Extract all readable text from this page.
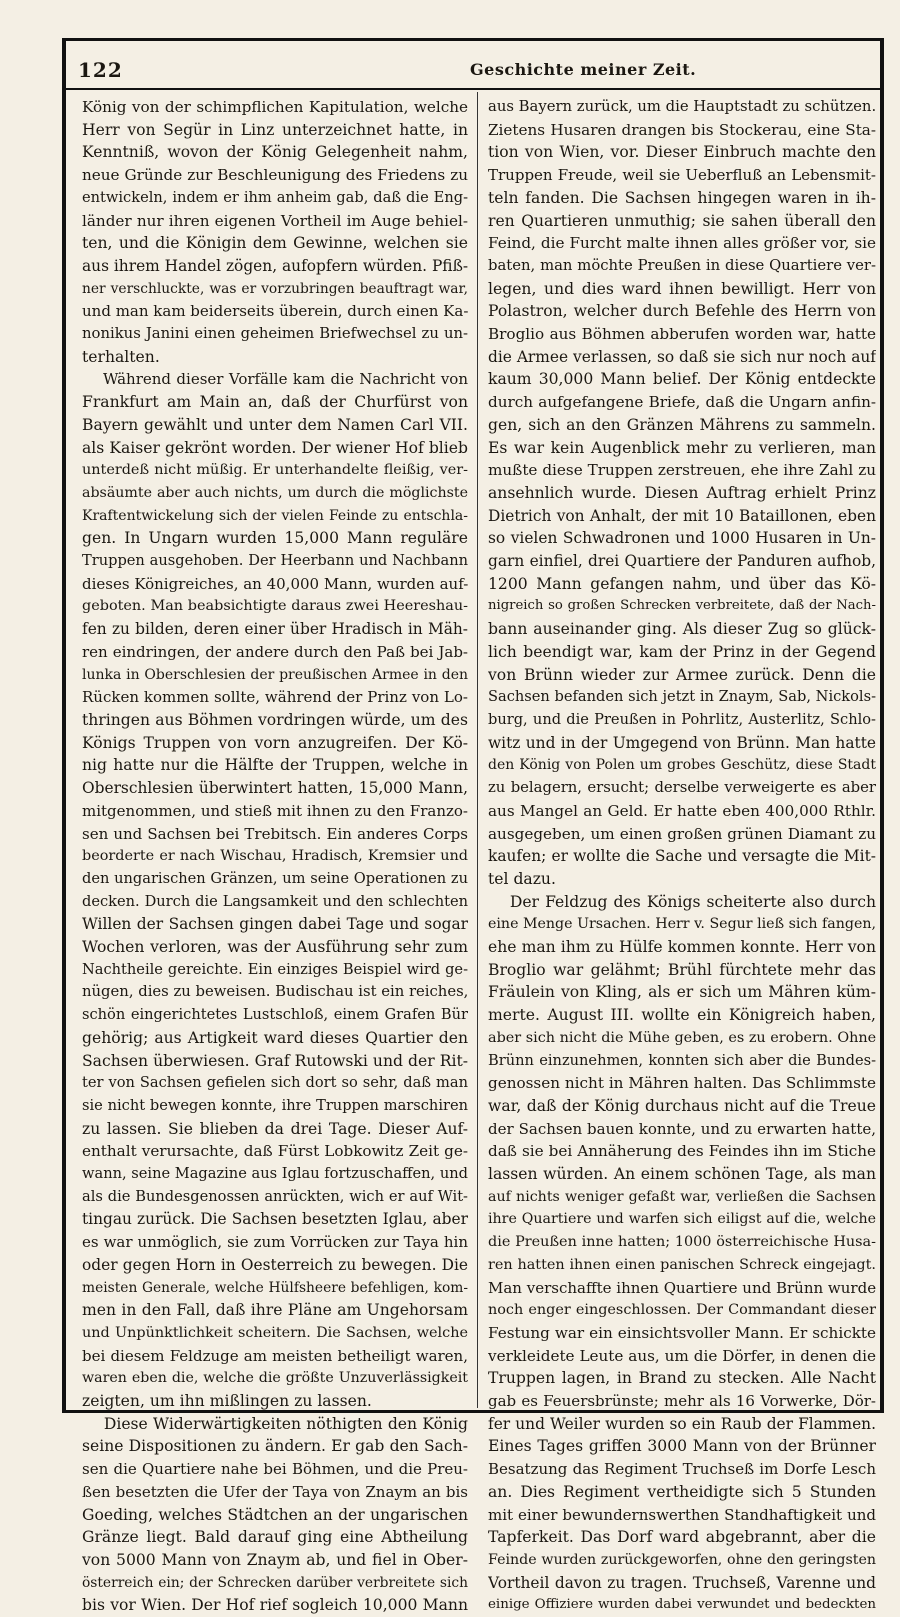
122	Geschichte meiner Zeit.
König von der schimpflichen Kapitulation, welche
Herr von Segür in Linz unterzeichnet hatte, in
Kenntniß, wovon der König Gelegenheit nahm,
neue Gründe zur Beschleunigung des Friedens zu
entwickeln, indem er ihm anheim gab, daß die Eng-
länder nur ihren eigenen Vortheil im Auge behiel-
ten, und die Königin dem Gewinne, welchen sie
aus ihrem Handel zögen, aufopfern würden. Pfiß-
ner verschluckte, was er vorzubringen beauftragt war,
und man kam beiderseits überein, durch einen Ka-
nonikus Janini einen geheimen Briefwechsel zu un-
terhalten.
Während dieser Vorfälle kam die Nachricht von
Frankfurt am Main an, daß der Churfürst von
Bayern gewählt und unter dem Namen Carl VII.
als Kaiser gekrönt worden. Der wiener Hof blieb
unterdeß nicht müßig. Er unterhandelte fleißig, ver-
absäumte aber auch nichts, um durch die möglichste
Kraftentwickelung sich der vielen Feinde zu entschla-
gen. In Ungarn wurden 15,000 Mann reguläre
Truppen ausgehoben. Der Heerbann und Nachbann
dieses Königreiches, an 40,000 Mann, wurden auf-
geboten. Man beabsichtigte daraus zwei Heereshau-
fen zu bilden, deren einer über Hradisch in Mäh-
ren eindringen, der andere durch den Paß bei Jab-
lunka in Oberschlesien der preußischen Armee in den
Rücken kommen sollte, während der Prinz von Lo-
thringen aus Böhmen vordringen würde, um des
Königs Truppen von vorn anzugreifen. Der Kö-
nig hatte nur die Hälfte der Truppen, welche in
Oberschlesien überwintert hatten, 15,000 Mann,
mitgenommen, und stieß mit ihnen zu den Franzo-
sen und Sachsen bei Trebitsch. Ein anderes Corps
beorderte er nach Wischau, Hradisch, Kremsier und
den ungarischen Gränzen, um seine Operationen zu
decken. Durch die Langsamkeit und den schlechten
Willen der Sachsen gingen dabei Tage und sogar
Wochen verloren, was der Ausführung sehr zum
Nachtheile gereichte. Ein einziges Beispiel wird ge-
nügen, dies zu beweisen. Budischau ist ein reiches,
schön eingerichtetes Lustschloß, einem Grafen Bür
gehörig; aus Artigkeit ward dieses Quartier den
Sachsen überwiesen. Graf Rutowski und der Rit-
ter von Sachsen gefielen sich dort so sehr, daß man
sie nicht bewegen konnte, ihre Truppen marschiren
zu lassen. Sie blieben da drei Tage. Dieser Auf-
enthalt verursachte, daß Fürst Lobkowitz Zeit ge-
wann, seine Magazine aus Iglau fortzuschaffen, und
als die Bundesgenossen anrückten, wich er auf Wit-
tingau zurück. Die Sachsen besetzten Iglau, aber
es war unmöglich, sie zum Vorrücken zur Taya hin
oder gegen Horn in Oesterreich zu bewegen. Die
meisten Generale, welche Hülfsheere befehligen, kom-
men in den Fall, daß ihre Pläne am Ungehorsam
und Unpünktlichkeit scheitern. Die Sachsen, welche
bei diesem Feldzuge am meisten betheiligt waren,
waren eben die, welche die größte Unzuverlässigkeit
zeigten, um ihn mißlingen zu lassen.
Diese Widerwärtigkeiten nöthigten den König
seine Dispositionen zu ändern. Er gab den Sach-
sen die Quartiere nahe bei Böhmen, und die Preu-
ßen besetzten die Ufer der Taya von Znaym an bis
Goeding, welches Städtchen an der ungarischen
Gränze liegt. Bald darauf ging eine Abtheilung
von 5000 Mann von Znaym ab, und fiel in Ober-
österreich ein; der Schrecken darüber verbreitete sich
bis vor Wien. Der Hof rief sogleich 10,000 Mann
aus Bayern zurück, um die Hauptstadt zu schützen.
Zietens Husaren drangen bis Stockerau, eine Sta-
tion von Wien, vor. Dieser Einbruch machte den
Truppen Freude, weil sie Ueberfluß an Lebensmit-
teln fanden. Die Sachsen hingegen waren in ih-
ren Quartieren unmuthig; sie sahen überall den
Feind, die Furcht malte ihnen alles größer vor, sie
baten, man möchte Preußen in diese Quartiere ver-
legen, und dies ward ihnen bewilligt. Herr von
Polastron, welcher durch Befehle des Herrn von
Broglio aus Böhmen abberufen worden war, hatte
die Armee verlassen, so daß sie sich nur noch auf
kaum 30,000 Mann belief. Der König entdeckte
durch aufgefangene Briefe, daß die Ungarn anfin-
gen, sich an den Gränzen Mährens zu sammeln.
Es war kein Augenblick mehr zu verlieren, man
mußte diese Truppen zerstreuen, ehe ihre Zahl zu
ansehnlich wurde. Diesen Auftrag erhielt Prinz
Dietrich von Anhalt, der mit 10 Bataillonen, eben
so vielen Schwadronen und 1000 Husaren in Un-
garn einfiel, drei Quartiere der Panduren aufhob,
1200 Mann gefangen nahm, und über das Kö-
nigreich so großen Schrecken verbreitete, daß der Nach-
bann auseinander ging. Als dieser Zug so glück-
lich beendigt war, kam der Prinz in der Gegend
von Brünn wieder zur Armee zurück. Denn die
Sachsen befanden sich jetzt in Znaym, Sab, Nickols-
burg, und die Preußen in Pohrlitz, Austerlitz, Schlo-
witz und in der Umgegend von Brünn. Man hatte
den König von Polen um grobes Geschütz, diese Stadt
zu belagern, ersucht; derselbe verweigerte es aber
aus Mangel an Geld. Er hatte eben 400,000 Rthlr.
ausgegeben, um einen großen grünen Diamant zu
kaufen; er wollte die Sache und versagte die Mit-
tel dazu.
Der Feldzug des Königs scheiterte also durch
eine Menge Ursachen. Herr v. Segur ließ sich fangen,
ehe man ihm zu Hülfe kommen konnte. Herr von
Broglio war gelähmt; Brühl fürchtete mehr das
Fräulein von Kling, als er sich um Mähren küm-
merte. August III. wollte ein Königreich haben,
aber sich nicht die Mühe geben, es zu erobern. Ohne
Brünn einzunehmen, konnten sich aber die Bundes-
genossen nicht in Mähren halten. Das Schlimmste
war, daß der König durchaus nicht auf die Treue
der Sachsen bauen konnte, und zu erwarten hatte,
daß sie bei Annäherung des Feindes ihn im Stiche
lassen würden. An einem schönen Tage, als man
auf nichts weniger gefaßt war, verließen die Sachsen
ihre Quartiere und warfen sich eiligst auf die, welche
die Preußen inne hatten; 1000 österreichische Husa-
ren hatten ihnen einen panischen Schreck eingejagt.
Man verschaffte ihnen Quartiere und Brünn wurde
noch enger eingeschlossen. Der Commandant dieser
Festung war ein einsichtsvoller Mann. Er schickte
verkleidete Leute aus, um die Dörfer, in denen die
Truppen lagen, in Brand zu stecken. Alle Nacht
gab es Feuersbrünste; mehr als 16 Vorwerke, Dör-
fer und Weiler wurden so ein Raub der Flammen.
Eines Tages griffen 3000 Mann von der Brünner
Besatzung das Regiment Truchseß im Dorfe Lesch
an. Dies Regiment vertheidigte sich 5 Stunden
mit einer bewundernswerthen Standhaftigkeit und
Tapferkeit. Das Dorf ward abgebrannt, aber die
Feinde wurden zurückgeworfen, ohne den geringsten
Vortheil davon zu tragen. Truchseß, Varenne und
einige Offiziere wurden dabei verwundet und bedeckten
